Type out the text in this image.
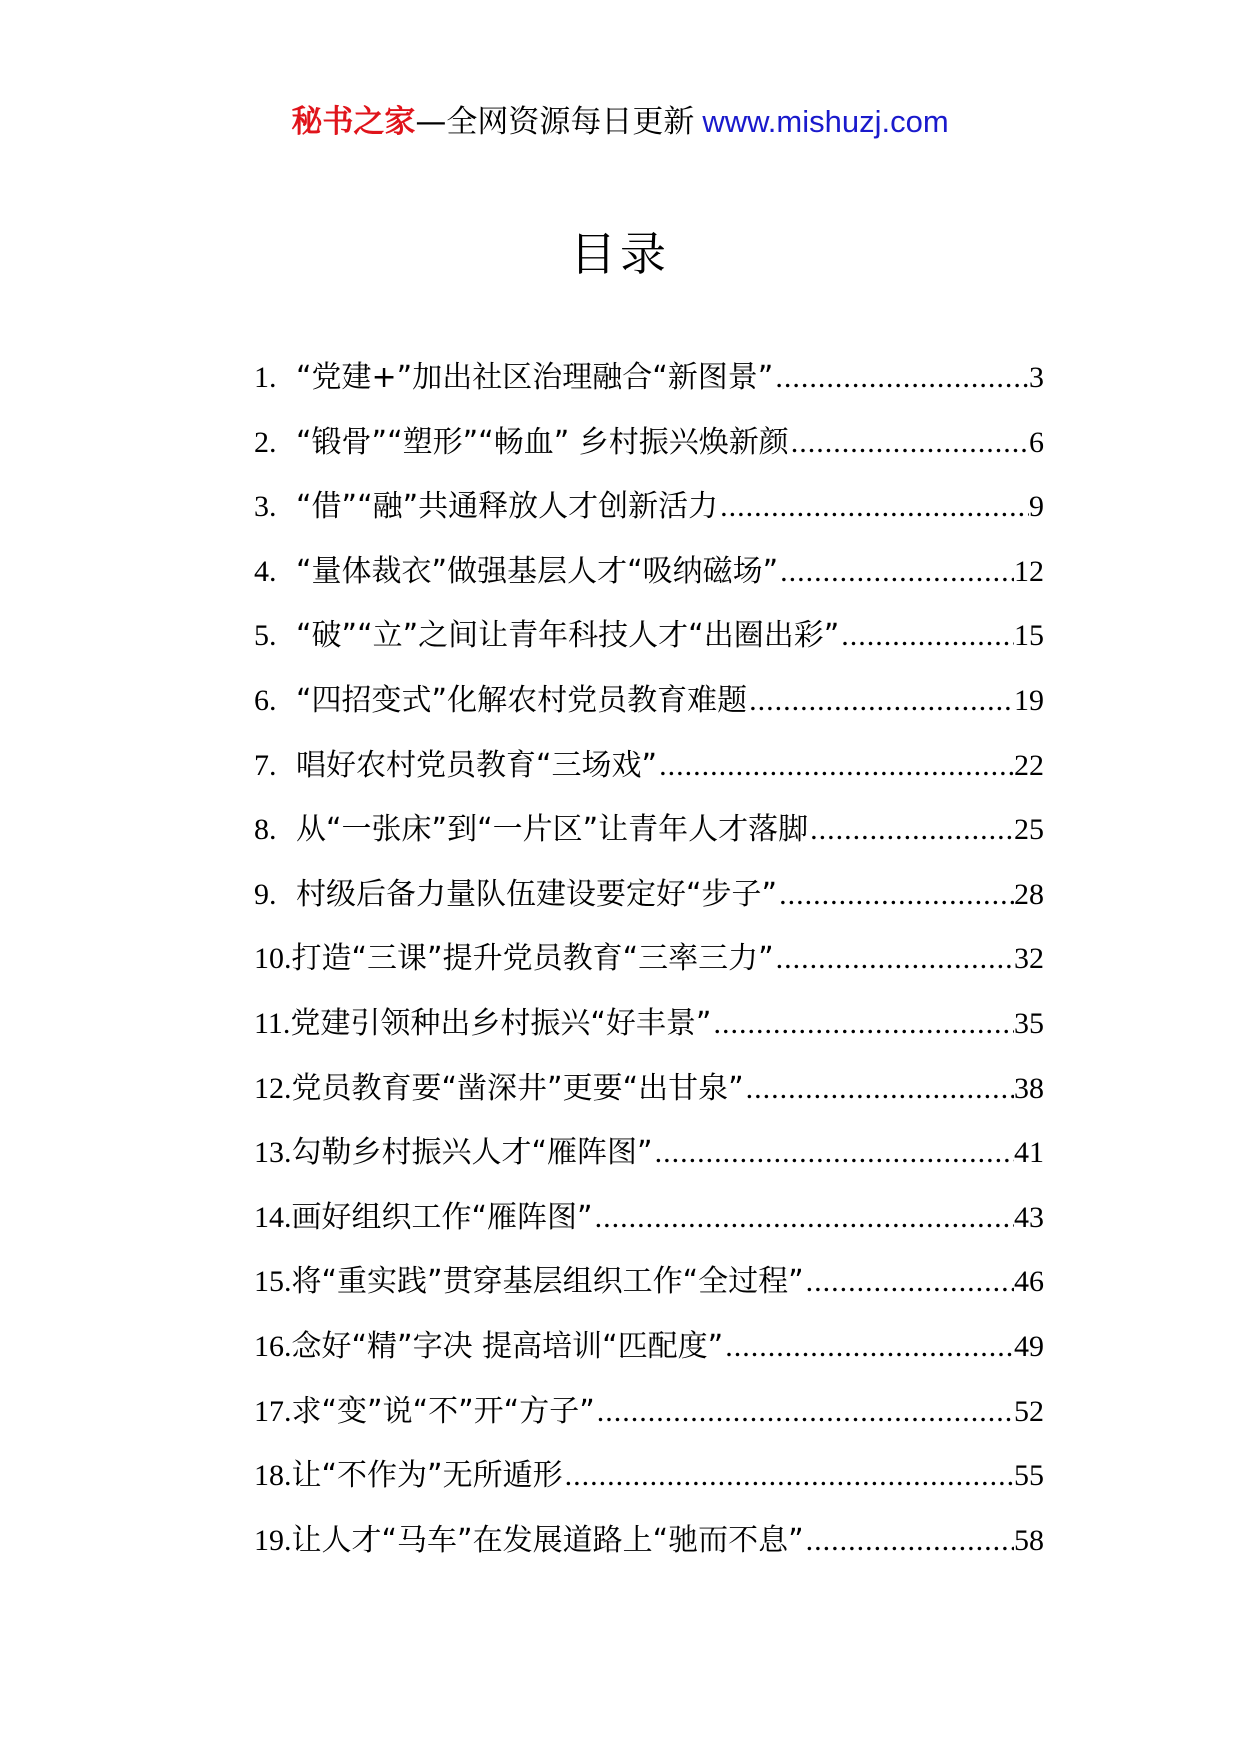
秘书之家—全网资源每日更新 www.mishuzj.com
目录
1. “党建+”加出社区治理融合“新图景” .....	3
2. “锻骨”“塑形”“畅血” 乡村振兴焕新颜 .....	6
3. “借”“融”共通释放人才创新活力 .....	9
4. “量体裁衣”做强基层人才“吸纳磁场” .....	12
5. “破”“立”之间让青年科技人才“出圈出彩” .....	15
6. “四招变式”化解农村党员教育难题 .....	19
7. 唱好农村党员教育“三场戏” .....	22
8. 从“一张床”到“一片区”让青年人才落脚 .....	25
9. 村级后备力量队伍建设要定好“步子” .....	28
10. 打造“三课”提升党员教育“三率三力” .....	32
11. 党建引领种出乡村振兴“好丰景” .....	35
12. 党员教育要“凿深井”更要“出甘泉” .....	38
13. 勾勒乡村振兴人才“雁阵图” .....	41
14. 画好组织工作“雁阵图” .....	43
15. 将“重实践”贯穿基层组织工作“全过程” .....	46
16. 念好“精”字决 提高培训“匹配度” .....	49
17. 求“变”说“不”开“方子” .....	52
18. 让“不作为”无所遁形 .....	55
19. 让人才“马车”在发展道路上“驰而不息” .....	58
